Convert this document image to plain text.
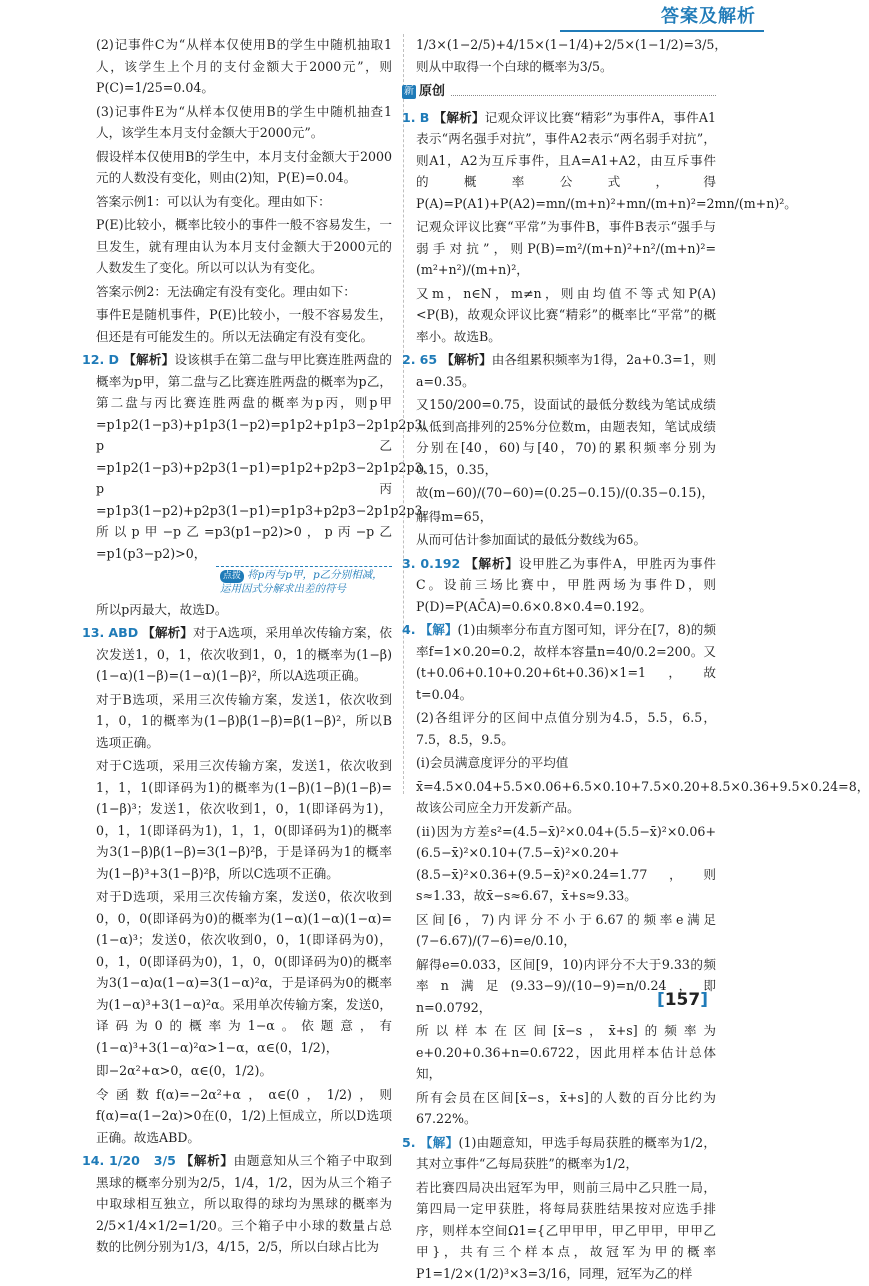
答案及解析

(2)记事件C为“从样本仅使用B的学生中随机抽取1人，该学生上个月的支付金额大于2000元”，则P(C)=1/25=0.04。

(3)记事件E为“从样本仅使用B的学生中随机抽查1人，该学生本月支付金额大于2000元”。

假设样本仅使用B的学生中，本月支付金额大于2000元的人数没有变化，则由(2)知，P(E)=0.04。

答案示例1：可以认为有变化。理由如下：

P(E)比较小，概率比较小的事件一般不容易发生，一旦发生，就有理由认为本月支付金额大于2000元的人数发生了变化。所以可以认为有变化。

答案示例2：无法确定有没有变化。理由如下：

事件E是随机事件，P(E)比较小，一般不容易发生，但还是有可能发生的。所以无法确定有没有变化。

12. D 【解析】设该棋手在第二盘与甲比赛连胜两盘的概率为p甲，第二盘与乙比赛连胜两盘的概率为p乙，第二盘与丙比赛连胜两盘的概率为p丙，则p甲=p1p2(1−p3)+p1p3(1−p2)=p1p2+p1p3−2p1p2p3，p乙=p1p2(1−p3)+p2p3(1−p1)=p1p2+p2p3−2p1p2p3，p丙=p1p3(1−p2)+p2p3(1−p1)=p1p3+p2p3−2p1p2p3，所以p甲−p乙=p3(p1−p2)>0，p丙−p乙=p1(p3−p2)>0，

点拨 将p丙与p甲，p乙分别相减，运用因式分解求出差的符号

所以p丙最大，故选D。

13. ABD 【解析】对于A选项，采用单次传输方案，依次发送1，0，1，依次收到1，0，1的概率为(1−β)(1−α)(1−β)=(1−α)(1−β)²，所以A选项正确。

对于B选项，采用三次传输方案，发送1，依次收到1，0，1的概率为(1−β)β(1−β)=β(1−β)²，所以B选项正确。

对于C选项，采用三次传输方案，发送1，依次收到1，1，1(即译码为1)的概率为(1−β)(1−β)(1−β)=(1−β)³；发送1，依次收到1，0，1(即译码为1)，0，1，1(即译码为1)，1，1，0(即译码为1)的概率为3(1−β)β(1−β)=3(1−β)²β，于是译码为1的概率为(1−β)³+3(1−β)²β，所以C选项不正确。

对于D选项，采用三次传输方案，发送0，依次收到0，0，0(即译码为0)的概率为(1−α)(1−α)(1−α)=(1−α)³；发送0，依次收到0，0，1(即译码为0)，0，1，0(即译码为0)，1，0，0(即译码为0)的概率为3(1−α)α(1−α)=3(1−α)²α，于是译码为0的概率为(1−α)³+3(1−α)²α。采用单次传输方案，发送0，译码为0的概率为1−α。依题意，有(1−α)³+3(1−α)²α>1−α，α∈(0，1/2)，

即−2α²+α>0，α∈(0，1/2)。

令函数f(α)=−2α²+α，α∈(0，1/2)，则f(α)=α(1−2α)>0在(0，1/2)上恒成立，所以D选项正确。故选ABD。

14. 1/20　3/5 【解析】由题意知从三个箱子中取到黑球的概率分别为2/5，1/4，1/2，因为从三个箱子中取球相互独立，所以取得的球均为黑球的概率为2/5×1/4×1/2=1/20。三个箱子中小球的数量占总数的比例分别为1/3，4/15，2/5，所以白球占比为

1/3×(1−2/5)+4/15×(1−1/4)+2/5×(1−1/2)=3/5，则从中取得一个白球的概率为3/5。

新 原创

1. B 【解析】记观众评议比赛“精彩”为事件A，事件A1表示“两名强手对抗”，事件A2表示“两名弱手对抗”，则A1，A2为互斥事件，且A=A1+A2，由互斥事件的概率公式，得P(A)=P(A1)+P(A2)=mn/(m+n)²+mn/(m+n)²=2mn/(m+n)²。

记观众评议比赛“平常”为事件B，事件B表示“强手与弱手对抗”，则P(B)=m²/(m+n)²+n²/(m+n)²=(m²+n²)/(m+n)²，

又m，n∈N，m≠n，则由均值不等式知P(A)<P(B)，故观众评议比赛“精彩”的概率比“平常”的概率小。故选B。

2. 65 【解析】由各组累积频率为1得，2a+0.3=1，则a=0.35。

又150/200=0.75，设面试的最低分数线为笔试成绩从低到高排列的25%分位数m，由题表知，笔试成绩分别在[40，60)与[40，70)的累积频率分别为0.15，0.35，

故(m−60)/(70−60)=(0.25−0.15)/(0.35−0.15)，

解得m=65，

从而可估计参加面试的最低分数线为65。

3. 0.192 【解析】设甲胜乙为事件A，甲胜丙为事件C。设前三场比赛中，甲胜两场为事件D，则P(D)=P(AC̄A)=0.6×0.8×0.4=0.192。

4. 【解】(1)由频率分布直方图可知，评分在[7，8)的频率f=1×0.20=0.2，故样本容量n=40/0.2=200。又(t+0.06+0.10+0.20+6t+0.36)×1=1，故t=0.04。

(2)各组评分的区间中点值分别为4.5，5.5，6.5，7.5，8.5，9.5。

(ⅰ)会员满意度评分的平均值

x̄=4.5×0.04+5.5×0.06+6.5×0.10+7.5×0.20+8.5×0.36+9.5×0.24=8，故该公司应全力开发新产品。

(ⅱ)因为方差s²=(4.5−x̄)²×0.04+(5.5−x̄)²×0.06+(6.5−x̄)²×0.10+(7.5−x̄)²×0.20+(8.5−x̄)²×0.36+(9.5−x̄)²×0.24=1.77，则s≈1.33，故x̄−s≈6.67，x̄+s≈9.33。

区间[6，7)内评分不小于6.67的频率e满足(7−6.67)/(7−6)=e/0.10，

解得e=0.033，区间[9，10)内评分不大于9.33的频率n满足(9.33−9)/(10−9)=n/0.24，即n=0.0792，

所以样本在区间[x̄−s，x̄+s]的频率为e+0.20+0.36+n=0.6722，因此用样本估计总体知，

所有会员在区间[x̄−s，x̄+s]的人数的百分比约为67.22%。

5. 【解】(1)由题意知，甲选手每局获胜的概率为1/2，其对立事件“乙每局获胜”的概率为1/2，

若比赛四局决出冠军为甲，则前三局中乙只胜一局，第四局一定甲获胜，将每局获胜结果按对应选手排序，则样本空间Ω1={乙甲甲甲，甲乙甲甲，甲甲乙甲}，共有三个样本点，故冠军为甲的概率P1=1/2×(1/2)³×3=3/16，同理，冠军为乙的样

[ 157 ]
